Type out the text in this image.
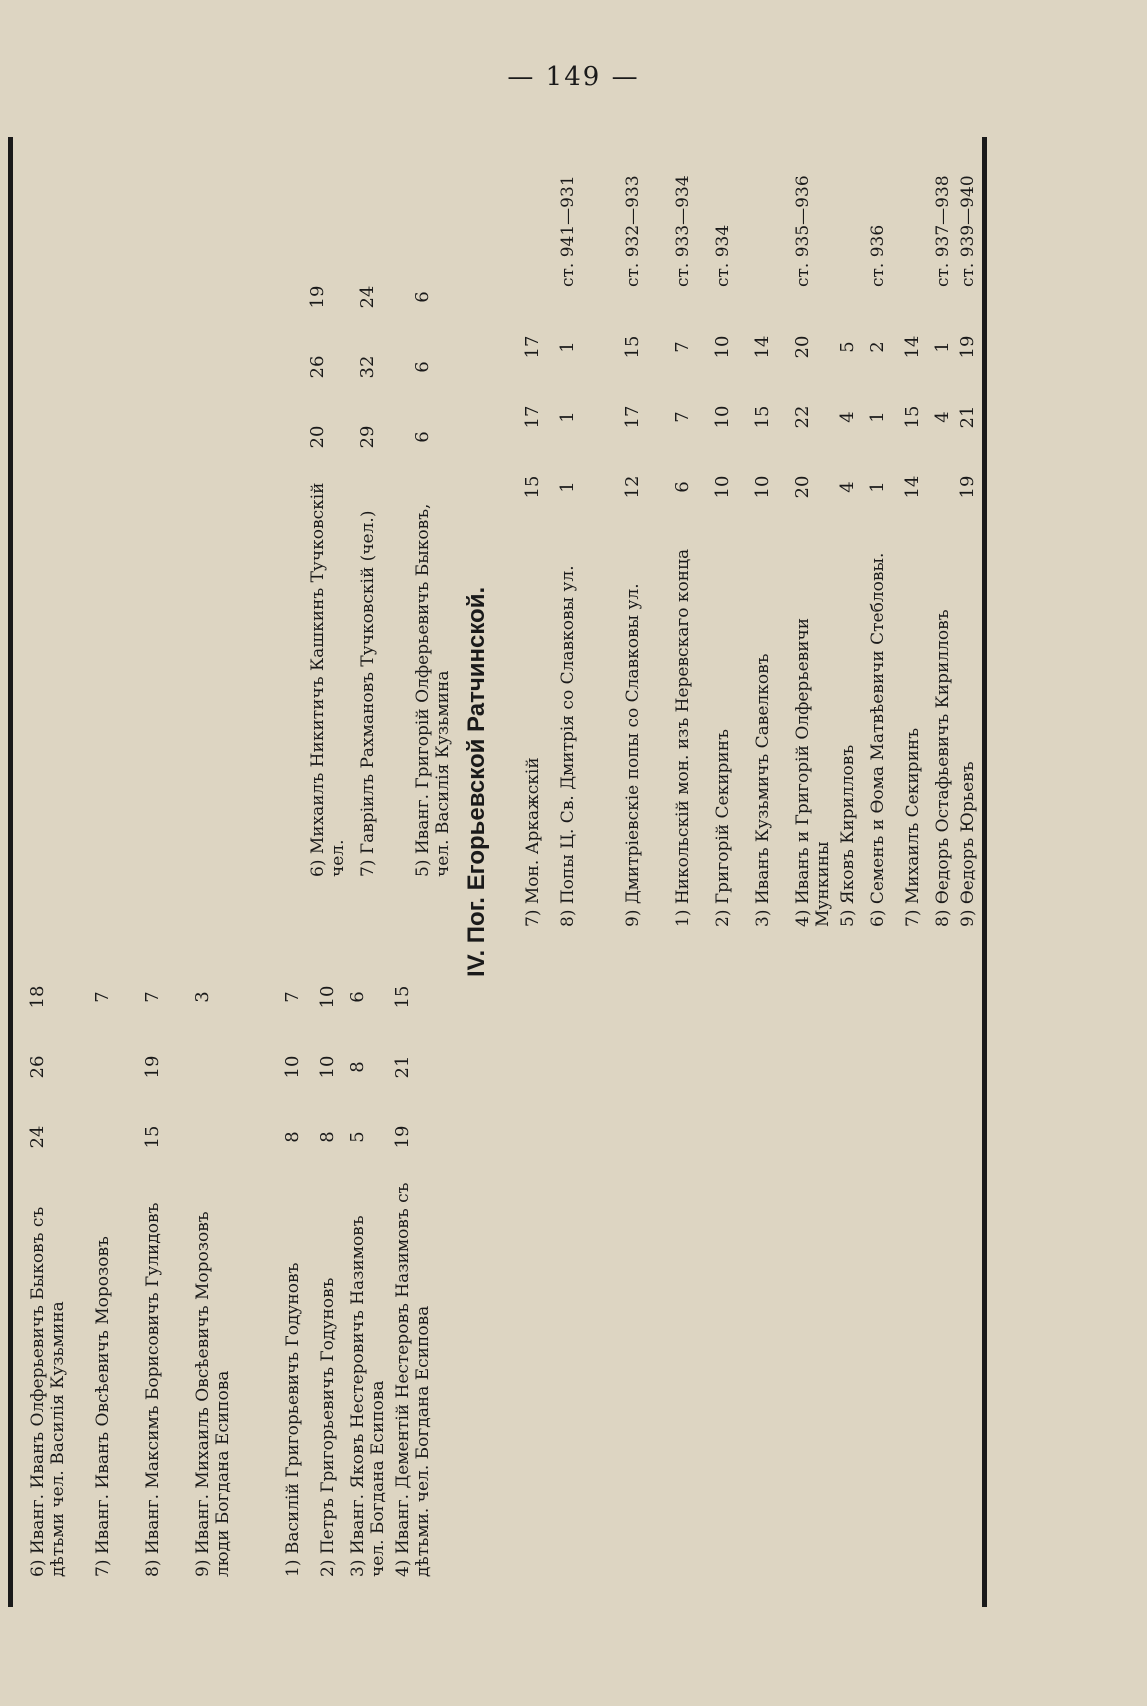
— 149 —
6) Иванг. Иванъ Олферьевичъ Быковъ съ дѣтьми чел. Василія Кузьмина
24
26
18
7) Иванг. Иванъ Овсѣевичъ Морозовъ
7
8) Иванг. Максимъ Борисовичъ Гулидовъ
15
19
7
9) Иванг. Михаилъ Овсѣевичъ Морозовъ люди Богдана Есипова
3
1) Василій Григорьевичъ Годуновъ
8
10
7
2) Петръ Григорьевичъ Годуновъ
8
10
10
3) Иванг. Яковъ Нестеровичъ Назимовъ чел. Богдана Есипова
5
8
6
4) Иванг. Дементій Нестеровъ Назимовъ съ дѣтьми. чел. Богдана Есипова
19
21
15
5) Иванг. Григорій Олферьевичъ Быковъ, чел. Василія Кузьмина
6
6
6
6) Михаилъ Никитичъ Кашкинъ Тучковскій чел.
20
26
19
7) Гавріилъ Рахмановъ Тучковскій (чел.)
29
32
24
IV. Пог. Егорьевской Ратчинской. 7) Мон. Аркажскій
15
17
17
8) Попы Ц. Св. Дмитрія со Славковы ул.
1
1
1
ст. 941—931
9) Дмитріевскіе попы со Славковы ул.
12
17
15
ст. 932—933
1) Никольскій мон. изъ Неревскаго конца
6
7
7
ст. 933—934
2) Григорій Секиринъ
10
10
10
ст. 934
3) Иванъ Кузьмичъ Савелковъ
10
15
14
4) Иванъ и Григорій Олферьевичи Мункины
20
22
20
ст. 935—936
5) Яковъ Кирилловъ
4
4
5
6) Семенъ и Ѳома Матвѣевичи Стебловы.
1
1
2
ст. 936
7) Михаилъ Секиринъ
14
15
14
8) Ѳедоръ Остафьевичъ Кирилловъ
4
1
ст. 937—938
9) Ѳедоръ Юрьевъ
19
21
19
ст. 939—940
